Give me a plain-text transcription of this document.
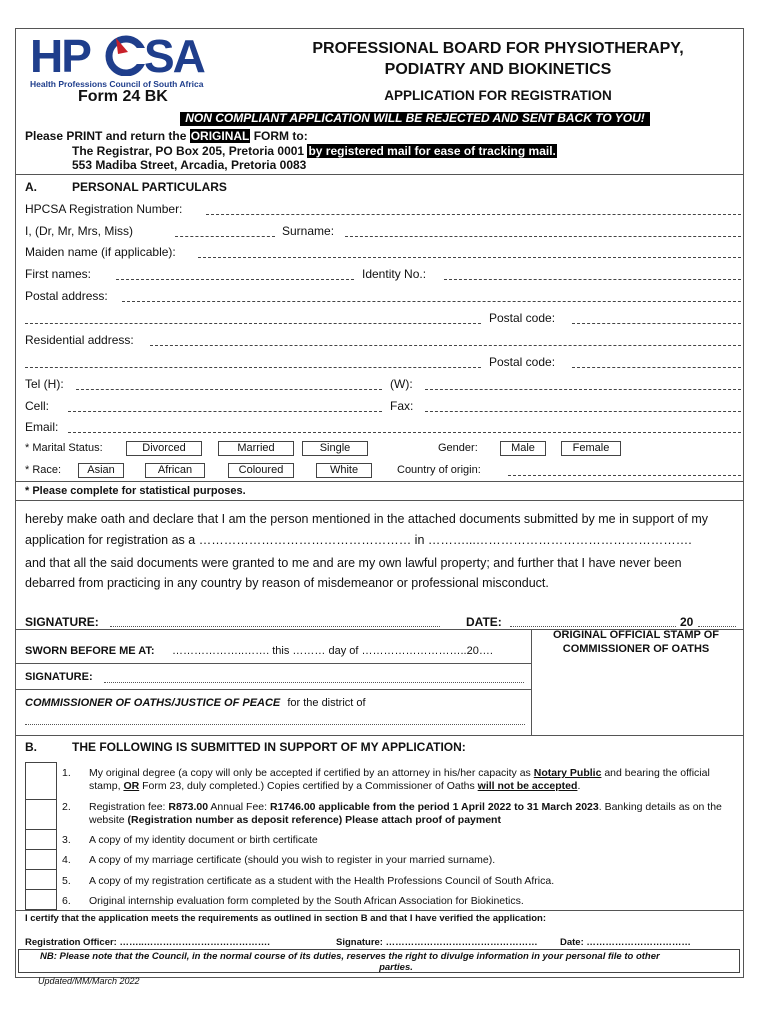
HP SA
Health Professions Council of South Africa
Form 24 BK
PROFESSIONAL BOARD FOR PHYSIOTHERAPY,
PODIATRY AND BIOKINETICS
APPLICATION FOR REGISTRATION
NON COMPLIANT APPLICATION WILL BE REJECTED AND SENT BACK TO YOU!
Please PRINT and return the ORIGINAL FORM to:
The Registrar, PO Box 205, Pretoria 0001 by registered mail for ease of tracking mail.
553 Madiba Street, Arcadia, Pretoria 0083
A.	PERSONAL PARTICULARS
HPCSA Registration Number:
I, (Dr, Mr, Mrs, Miss)	Surname:
Maiden name (if applicable):
First names:	Identity No.:
Postal address:
Postal code:
Residential address:
Postal code:
Tel (H):	(W):
Cell:	Fax:
Email:
* Marital Status:	Divorced	Married	Single	Gender:	Male	Female
* Race:	Asian	African	Coloured	White	Country of origin:
* Please complete for statistical purposes.
hereby make oath and declare that I am the person mentioned in the attached documents submitted by me in support of my
application for registration as a …………………………………………… in ………...…………………………………………….
and that all the said documents were granted to me and are my own lawful property; and further that I have never been
debarred from practicing in any country by reason of misdemeanor or professional misconduct.
SIGNATURE:	DATE:	20
ORIGINAL OFFICIAL STAMP OF
COMMISSIONER OF OATHS
SWORN BEFORE ME AT: ………………..……. this ……… day of ………………………..20….
SIGNATURE:
COMMISSIONER OF OATHS/JUSTICE OF PEACE for the district of
B.	THE FOLLOWING IS SUBMITTED IN SUPPORT OF MY APPLICATION:
1.	My original degree (a copy will only be accepted if certified by an attorney in his/her capacity as Notary Public and bearing the official stamp, OR Form 23, duly completed.) Copies certified by a Commissioner of Oaths will not be accepted.
2.	Registration fee: R873.00 Annual Fee: R1746.00 applicable from the period 1 April 2022 to 31 March 2023. Banking details as on the website (Registration number as deposit reference) Please attach proof of payment
3.	A copy of my identity document or birth certificate
4.	A copy of my marriage certificate (should you wish to register in your married surname).
5.	A copy of my registration certificate as a student with the Health Professions Council of South Africa.
6.	Original internship evaluation form completed by the South African Association for Biokinetics.
I certify that the application meets the requirements as outlined in section B and that I have verified the application:
Registration Officer: ……..………………………………….	Signature: ………………………………………… Date: ……………………………
NB: Please note that the Council, in the normal course of its duties, reserves the right to divulge information in your personal file to other
parties.
Updated/MM/March 2022
